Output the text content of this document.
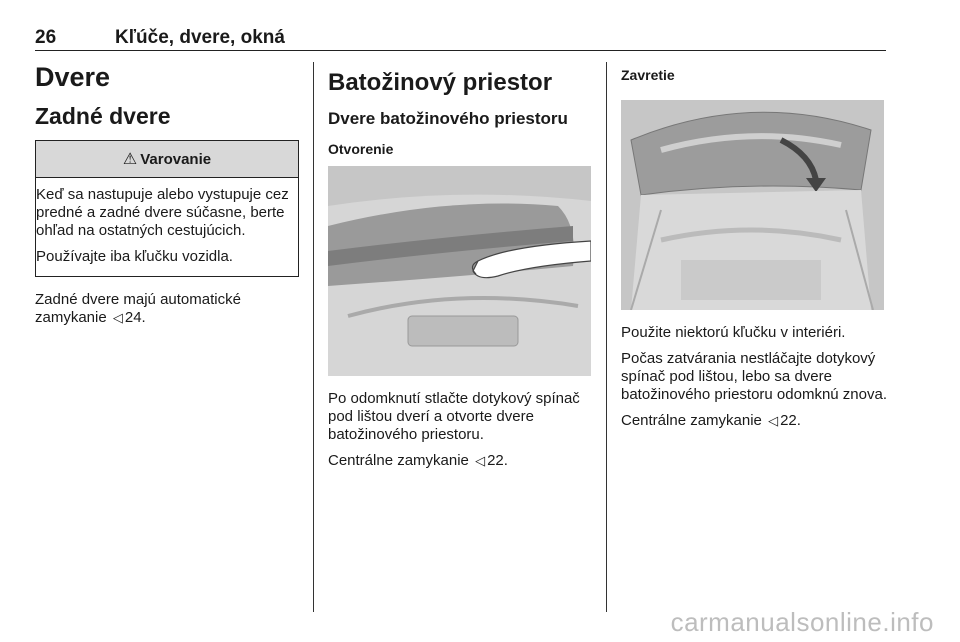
26	Kľúče, dvere, okná
Dvere
Zadné dvere
⚠ Varovanie

Keď sa nastupuje alebo vystupuje cez predné a zadné dvere súčasne, berte ohľad na ostatných cestujúcich.

Používajte iba kľučku vozidla.

Zadné dvere majú automatické zamykanie ◁ 24.

Batožinový priestor
Dvere batožinového priestoru
Otvorenie

Po odomknutí stlačte dotykový spínač pod lištou dverí a otvorte dvere batožinového priestoru.

Centrálne zamykanie ◁ 22.

Zavretie

Použite niektorú kľučku v interiéri.

Počas zatvárania nestláčajte dotykový spínač pod lištou, lebo sa dvere batožinového priestoru odomknú znova.

Centrálne zamykanie ◁ 22.

carmanualsonline.info
